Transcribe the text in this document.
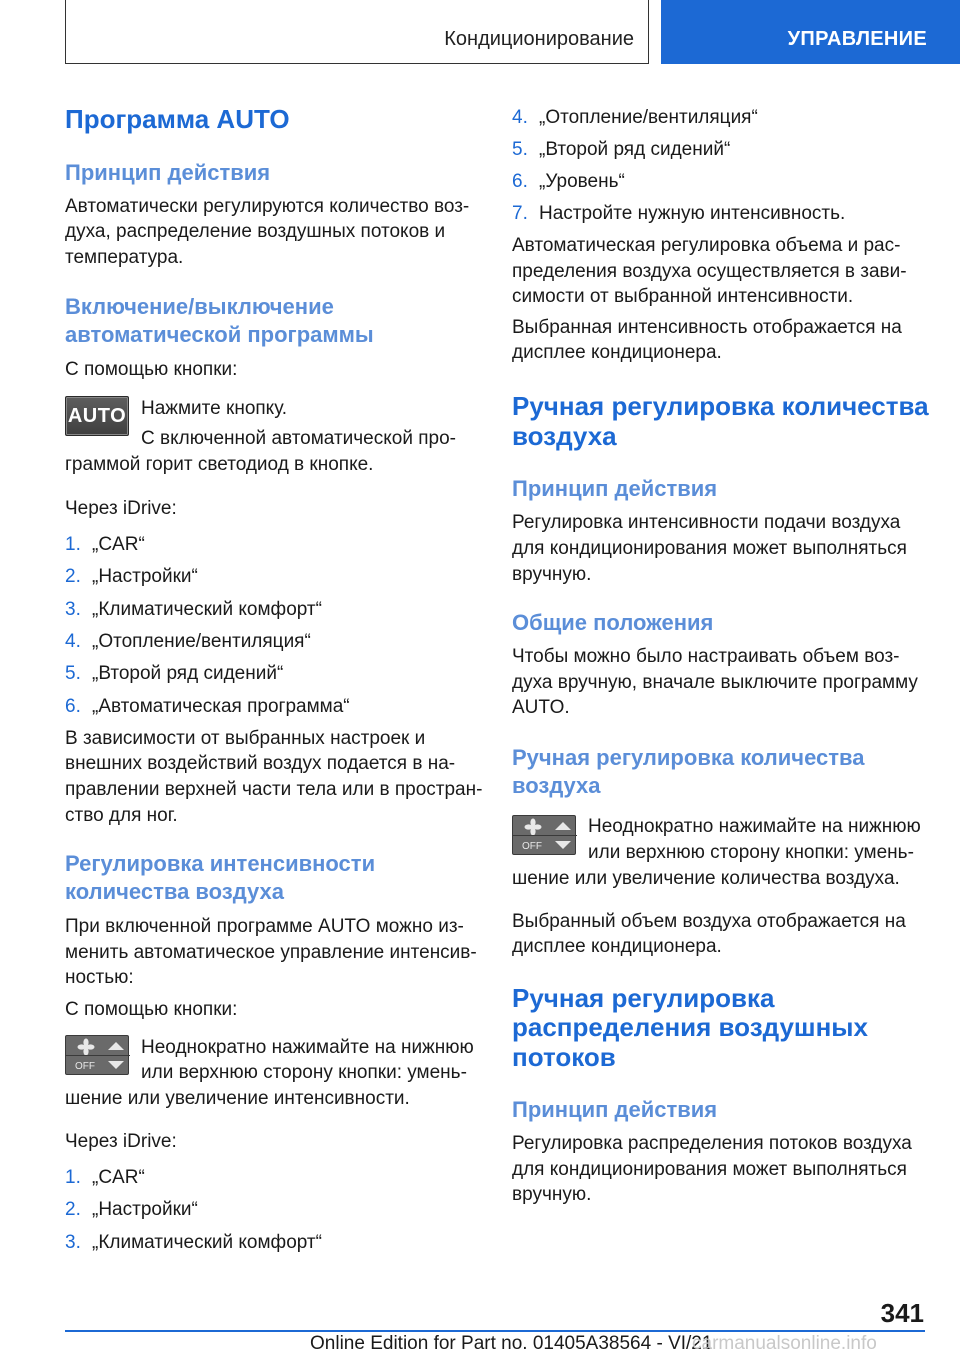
Кондиционирование	УПРАВЛЕНИЕ
Программа AUTO
Принцип действия
Автоматически регулируются количество воз‐
духа, распределение воздушных потоков и
температура.
Включение/выключение
автоматической программы
С помощью кнопки:
AUTO Нажмите кнопку.
С включенной автоматической про‐
граммой горит светодиод в кнопке.
Через iDrive:
1. „CAR“
2. „Настройки“
3. „Климатический комфорт“
4. „Отопление/вентиляция“
5. „Второй ряд сидений“
6. „Автоматическая программа“
В зависимости от выбранных настроек и
внешних воздействий воздух подается в на‐
правлении верхней части тела или в простран‐
ство для ног.
Регулировка интенсивности
количества воздуха
При включенной программе AUTO можно из‐
менить автоматическое управление интенсив‐
ностью:
С помощью кнопки:
OFF
Неоднократно нажимайте на нижнюю
или верхнюю сторону кнопки: умень‐
шение или увеличение интенсивности.
Через iDrive:
1. „CAR“
2. „Настройки“
3. „Климатический комфорт“
4. „Отопление/вентиляция“
5. „Второй ряд сидений“
6. „Уровень“
7. Настройте нужную интенсивность.
Автоматическая регулировка объема и рас‐
пределения воздуха осуществляется в зави‐
симости от выбранной интенсивности.
Выбранная интенсивность отображается на
дисплее кондиционера.
Ручная регулировка количества
воздуха
Принцип действия
Регулировка интенсивности подачи воздуха
для кондиционирования может выполняться
вручную.
Общие положения
Чтобы можно было настраивать объем воз‐
духа вручную, вначале выключите программу
AUTO.
Ручная регулировка количества
воздуха
OFF
Неоднократно нажимайте на нижнюю
или верхнюю сторону кнопки: умень‐
шение или увеличение количества воздуха.
Выбранный объем воздуха отображается на
дисплее кондиционера.
Ручная регулировка
распределения воздушных
потоков
Принцип действия
Регулировка распределения потоков воздуха
для кондиционирования может выполняться
вручную.
341
Online Edition for Part no. 01405A38564 - VI/21
carmanualsonline.info
